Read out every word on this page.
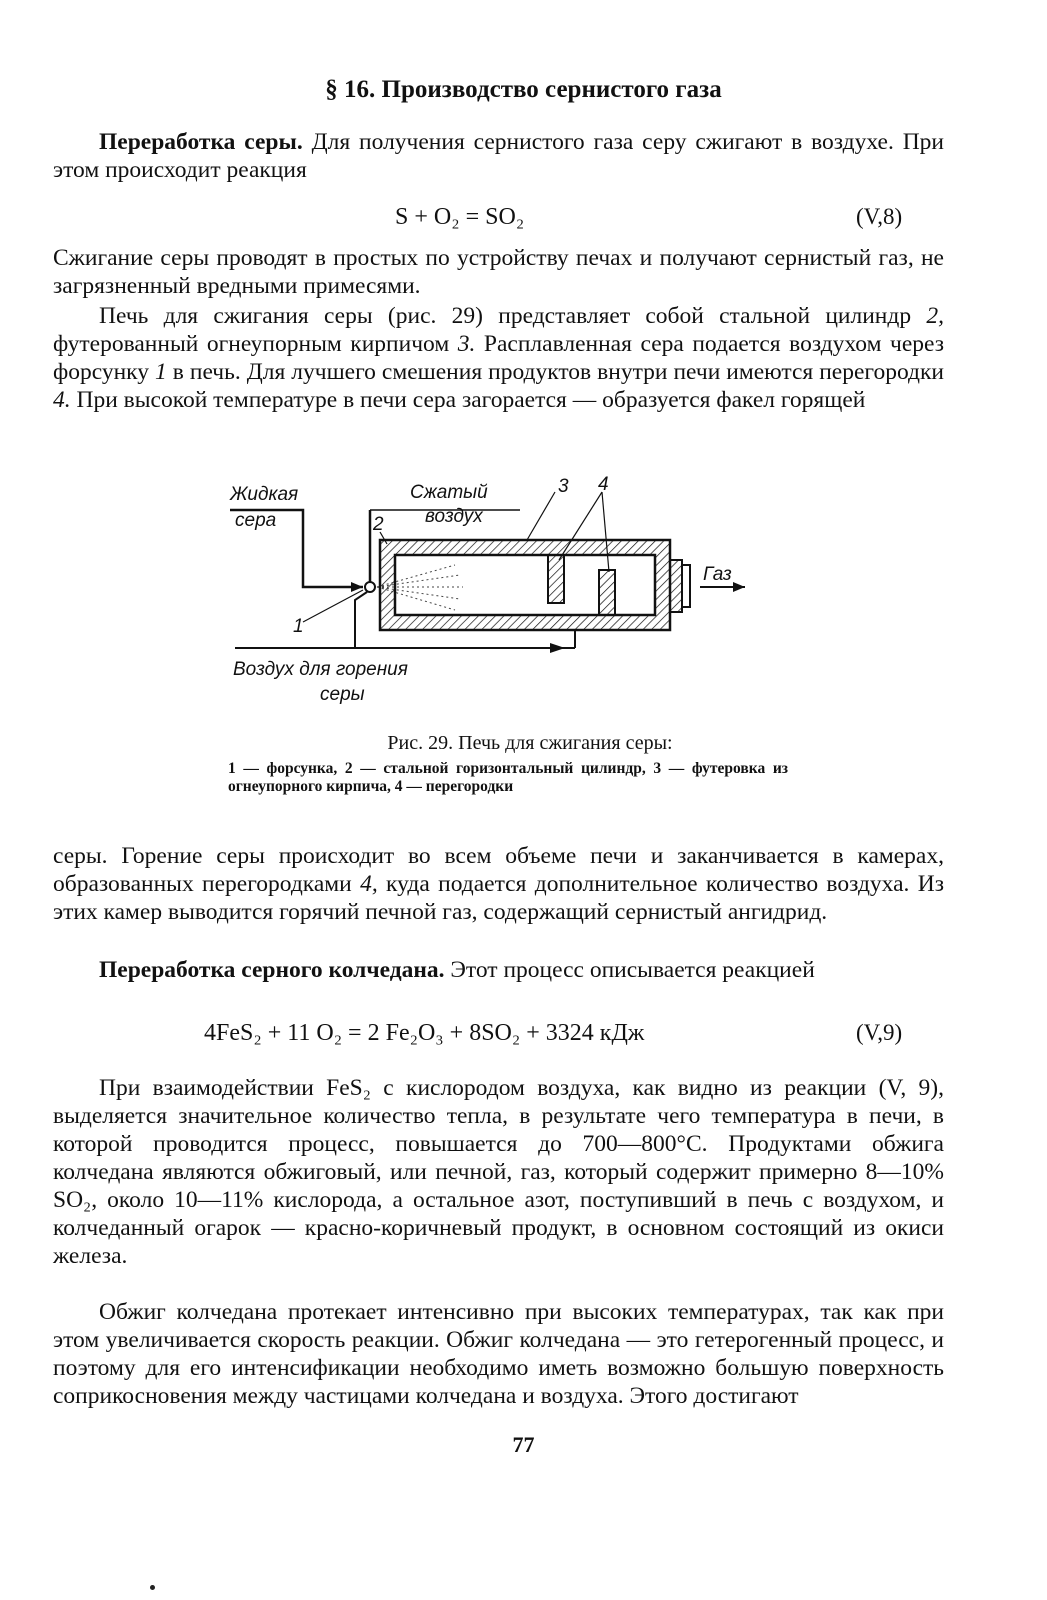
§ 16. Производство сернистого газа

Переработка серы. Для получения сернистого газа серу сжигают в воздухе. При этом происходит реакция

S + O₂ = SO₂	(V,8)

Сжигание серы проводят в простых по устройству печах и получают сернистый газ, не загрязненный вредными примесями.

Печь для сжигания серы (рис. 29) представляет собой стальной цилиндр 2, футерованный огнеупорным кирпичом 3. Расплавленная сера подается воздухом через форсунку 1 в печь. Для лучшего смешения продуктов внутри печи имеются перегородки 4. При высокой температуре в печи сера загорается — образуется факел горящей

Жидкая
сера
Сжатый
воздух
Газ
Воздух для горения
серы
1
2
3 4
Рис. 29. Печь для сжигания серы:
1 — форсунка, 2 — стальной горизонтальный цилиндр, 3 — футеровка из огнеупорного кирпича, 4 — перегородки

серы. Горение серы происходит во всем объеме печи и заканчивается в камерах, образованных перегородками 4, куда подается дополнительное количество воздуха. Из этих камер выводится горячий печной газ, содержащий сернистый ангидрид.

Переработка серного колчедана. Этот процесс описывается реакцией

4FeS₂ + 11 O₂ = 2 Fe₂O₃ + 8SO₂ + 3324 кДж	(V,9)

При взаимодействии FeS₂ с кислородом воздуха, как видно из реакции (V, 9), выделяется значительное количество тепла, в результате чего температура в печи, в которой проводится процесс, повышается до 700—800°C. Продуктами обжига колчедана являются обжиговый, или печной, газ, который содержит примерно 8—10% SO₂, около 10—11% кислорода, а остальное азот, поступивший в печь с воздухом, и колчеданный огарок — красно-коричневый продукт, в основном состоящий из окиси железа.

Обжиг колчедана протекает интенсивно при высоких температурах, так как при этом увеличивается скорость реакции. Обжиг колчедана — это гетерогенный процесс, и поэтому для его интенсификации необходимо иметь возможно большую поверхность соприкосновения между частицами колчедана и воздуха. Этого достигают

77
